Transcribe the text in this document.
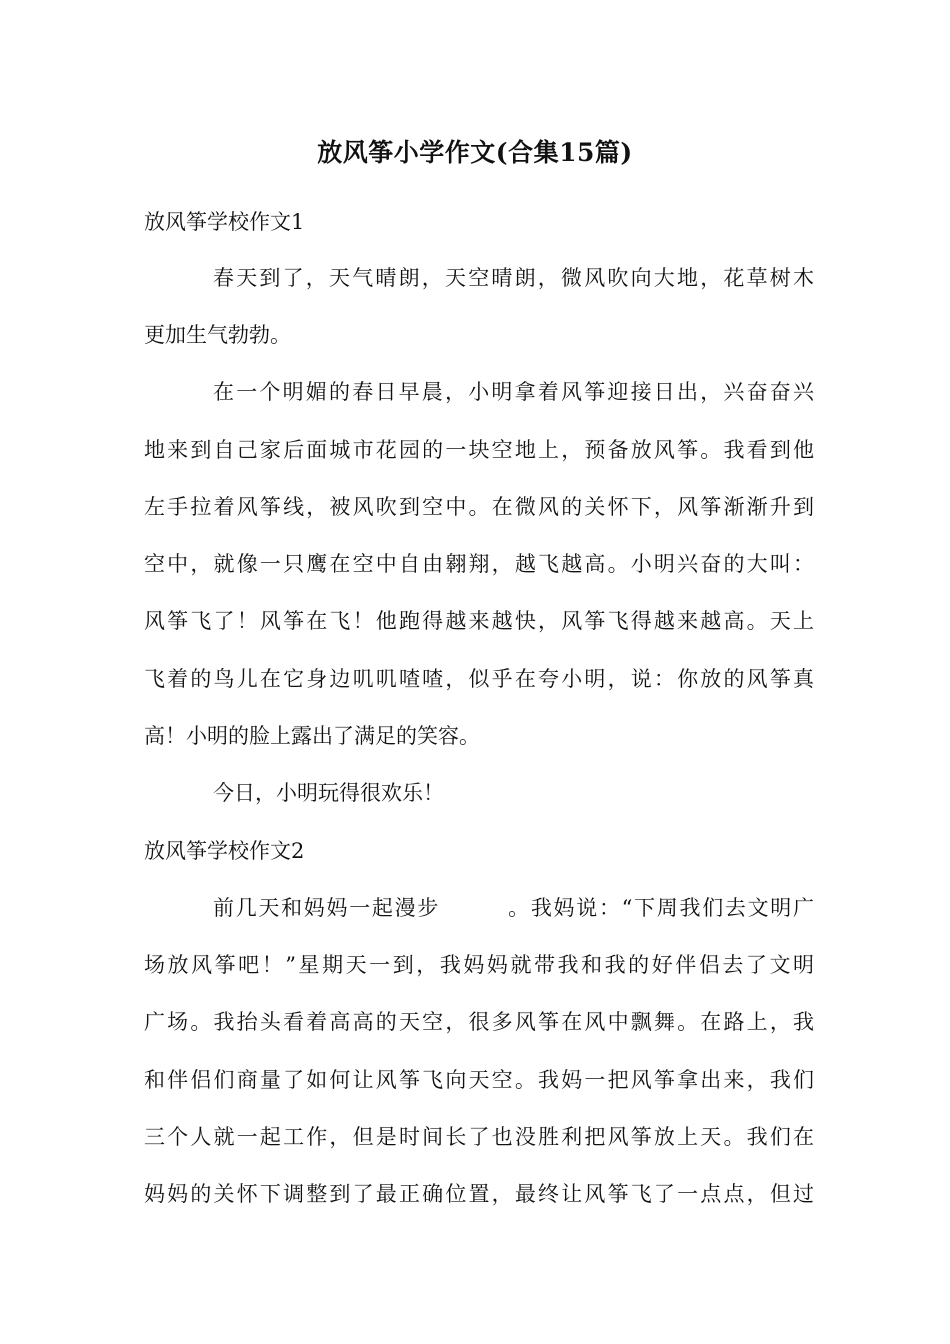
放风筝小学作文(合集15篇)
放风筝学校作文1
春天到了，天气晴朗，天空晴朗，微风吹向大地，花草树木
更加生气勃勃。
在一个明媚的春日早晨，小明拿着风筝迎接日出，兴奋奋兴
地来到自己家后面城市花园的一块空地上，预备放风筝。我看到他
左手拉着风筝线，被风吹到空中。在微风的关怀下，风筝渐渐升到
空中，就像一只鹰在空中自由翱翔，越飞越高。小明兴奋的大叫：
风筝飞了！风筝在飞！他跑得越来越快，风筝飞得越来越高。天上
飞着的鸟儿在它身边叽叽喳喳，似乎在夸小明，说：你放的风筝真
高！小明的脸上露出了满足的笑容。
今日，小明玩得很欢乐！
放风筝学校作文2
前几天和妈妈一起漫步　　　。我妈说：“下周我们去文明广
场放风筝吧！”星期天一到，我妈妈就带我和我的好伴侣去了文明
广场。我抬头看着高高的天空，很多风筝在风中飘舞。在路上，我
和伴侣们商量了如何让风筝飞向天空。我妈一把风筝拿出来，我们
三个人就一起工作，但是时间长了也没胜利把风筝放上天。我们在
妈妈的关怀下调整到了最正确位置，最终让风筝飞了一点点，但过
